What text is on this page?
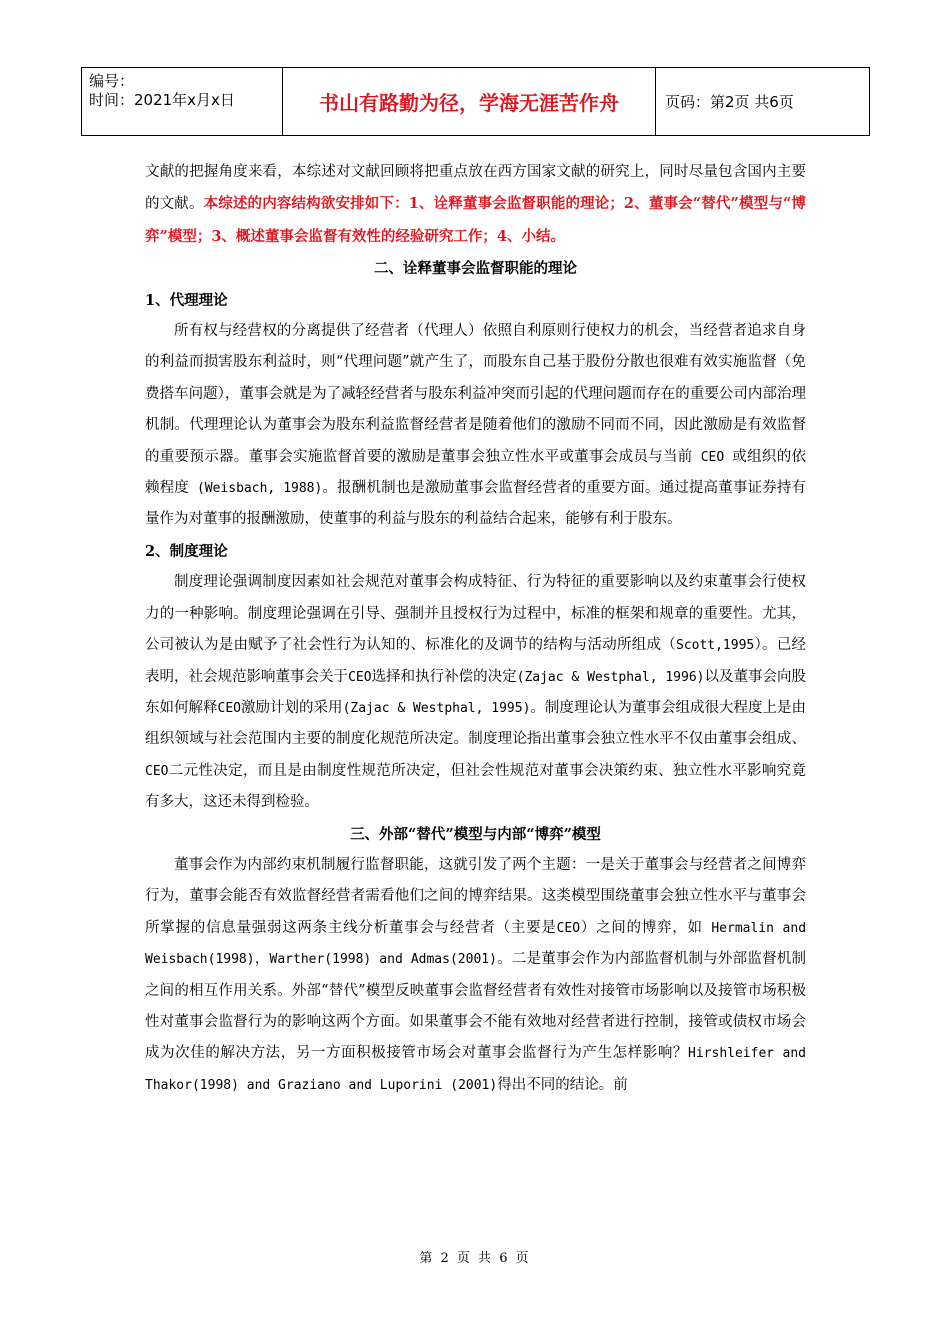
编号：
时间：2021年x月x日	书山有路勤为径，学海无涯苦作舟	页码：第2页 共6页

文献的把握角度来看，本综述对文献回顾将把重点放在西方国家文献的研究上，同时尽量包含国内主要的文献。本综述的内容结构欲安排如下：1、诠释董事会监督职能的理论；2、董事会“替代”模型与“博弈”模型；3、概述董事会监督有效性的经验研究工作；4、小结。

二、诠释董事会监督职能的理论

1、代理理论

所有权与经营权的分离提供了经营者（代理人）依照自利原则行使权力的机会，当经营者追求自身的利益而损害股东利益时，则“代理问题”就产生了，而股东自己基于股份分散也很难有效实施监督（免费搭车问题），董事会就是为了减轻经营者与股东利益冲突而引起的代理问题而存在的重要公司内部治理机制。代理理论认为董事会为股东利益监督经营者是随着他们的激励不同而不同，因此激励是有效监督的重要预示器。董事会实施监督首要的激励是董事会独立性水平或董事会成员与当前 CEO 或组织的依赖程度 (Weisbach, 1988)。报酬机制也是激励董事会监督经营者的重要方面。通过提高董事证券持有量作为对董事的报酬激励，使董事的利益与股东的利益结合起来，能够有利于股东。

2、制度理论

制度理论强调制度因素如社会规范对董事会构成特征、行为特征的重要影响以及约束董事会行使权力的一种影响。制度理论强调在引导、强制并且授权行为过程中，标准的框架和规章的重要性。尤其，公司被认为是由赋予了社会性行为认知的、标准化的及调节的结构与活动所组成（Scott,1995）。已经表明，社会规范影响董事会关于CEO选择和执行补偿的决定(Zajac & Westphal, 1996)以及董事会向股东如何解释CEO激励计划的采用(Zajac & Westphal, 1995)。制度理论认为董事会组成很大程度上是由组织领域与社会范围内主要的制度化规范所决定。制度理论指出董事会独立性水平不仅由董事会组成、CEO二元性决定，而且是由制度性规范所决定，但社会性规范对董事会决策约束、独立性水平影响究竟有多大，这还未得到检验。

三、外部“替代”模型与内部“博弈”模型

董事会作为内部约束机制履行监督职能，这就引发了两个主题：一是关于董事会与经营者之间博弈行为，董事会能否有效监督经营者需看他们之间的博弈结果。这类模型围绕董事会独立性水平与董事会所掌握的信息量强弱这两条主线分析董事会与经营者（主要是CEO）之间的博弈，如 Hermalin and Weisbach(1998)，Warther(1998) and Admas(2001)。二是董事会作为内部监督机制与外部监督机制之间的相互作用关系。外部“替代”模型反映董事会监督经营者有效性对接管市场影响以及接管市场积极性对董事会监督行为的影响这两个方面。如果董事会不能有效地对经营者进行控制，接管或债权市场会成为次佳的解决方法，另一方面积极接管市场会对董事会监督行为产生怎样影响？Hirshleifer and Thakor(1998) and Graziano and Luporini (2001)得出不同的结论。前

第 2 页 共 6 页
